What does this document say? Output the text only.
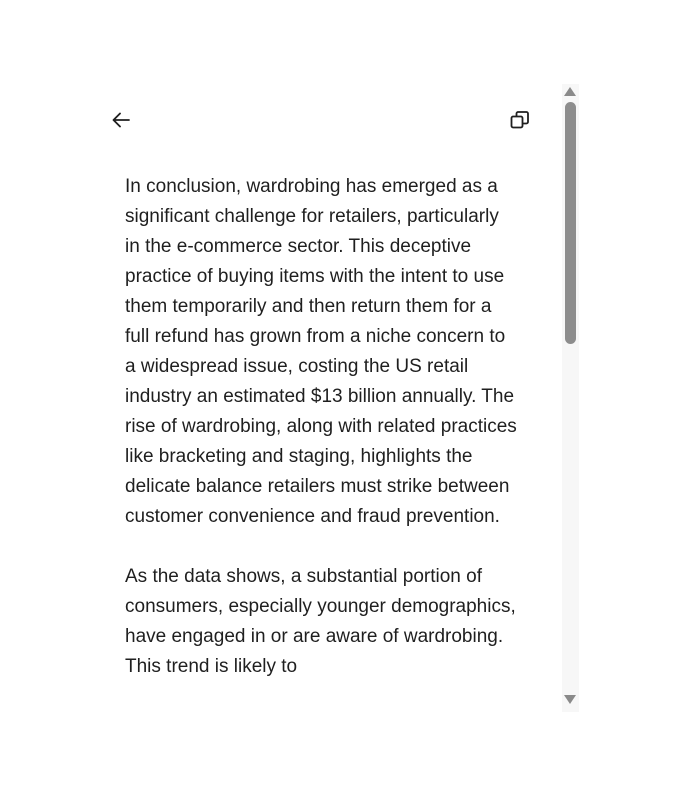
In conclusion, wardrobing has emerged as a significant challenge for retailers, particularly in the e-commerce sector. This deceptive practice of buying items with the intent to use them temporarily and then return them for a full refund has grown from a niche concern to a widespread issue, costing the US retail industry an estimated $13 billion annually. The rise of wardrobing, along with related practices like bracketing and staging, highlights the delicate balance retailers must strike between customer convenience and fraud prevention.

As the data shows, a substantial portion of consumers, especially younger demographics, have engaged in or are aware of wardrobing. This trend is likely to
